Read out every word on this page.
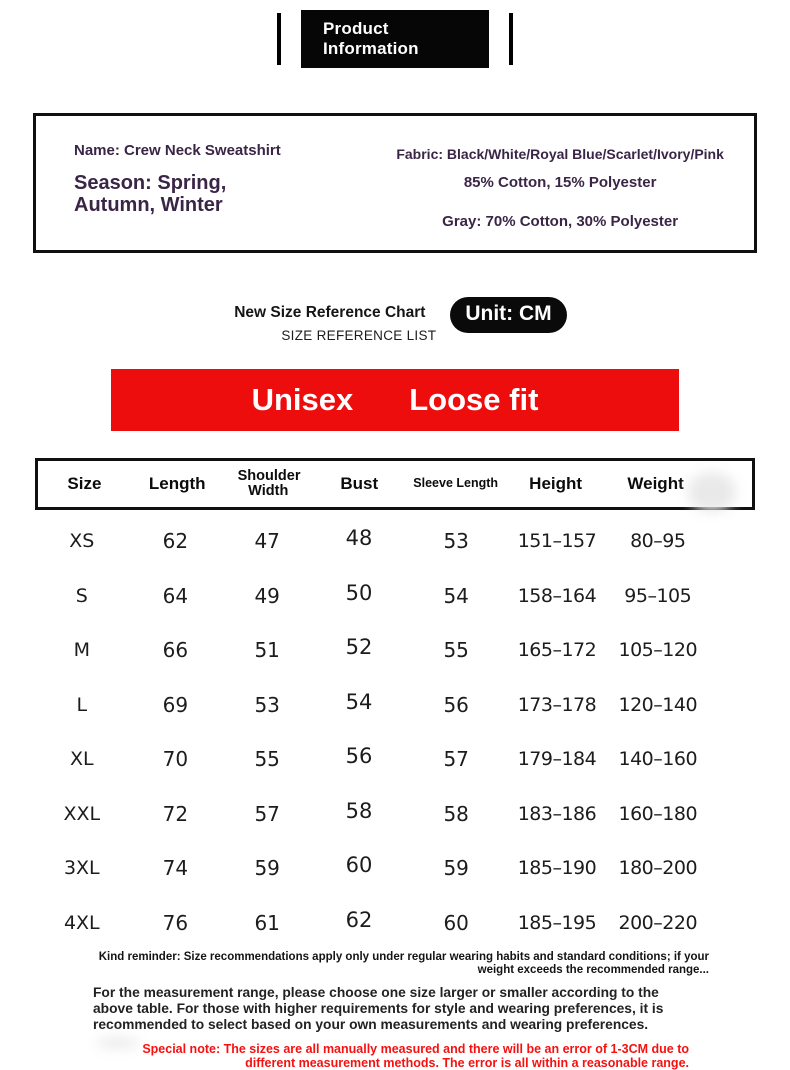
Product
Information
Name: Crew Neck Sweatshirt
Season: Spring,
Autumn, Winter
Fabric: Black/White/Royal Blue/Scarlet/Ivory/Pink
85% Cotton, 15% Polyester
Gray: 70% Cotton, 30% Polyester
New Size Reference Chart
SIZE REFERENCE LIST
Unit: CM
Unisex Loose fit
Size	Length	Shoulder Width	Bust	Sleeve Length	Height	Weight
XS	62	47	48	53	151–157	80–95
S	64	49	50	54	158–164	95–105
M	66	51	52	55	165–172	105–120
L	69	53	54	56	173–178	120–140
XL	70	55	56	57	179–184	140–160
XXL	72	57	58	58	183–186	160–180
3XL	74	59	60	59	185–190	180–200
4XL	76	61	62	60	185–195	200–220
Kind reminder: Size recommendations apply only under regular wearing habits and standard conditions; if your weight exceeds the recommended range...
For the measurement range, please choose one size larger or smaller according to the above table. For those with higher requirements for style and wearing preferences, it is recommended to select based on your own measurements and wearing preferences.
Special note: The sizes are all manually measured and there will be an error of 1-3CM due to different measurement methods. The error is all within a reasonable range.
